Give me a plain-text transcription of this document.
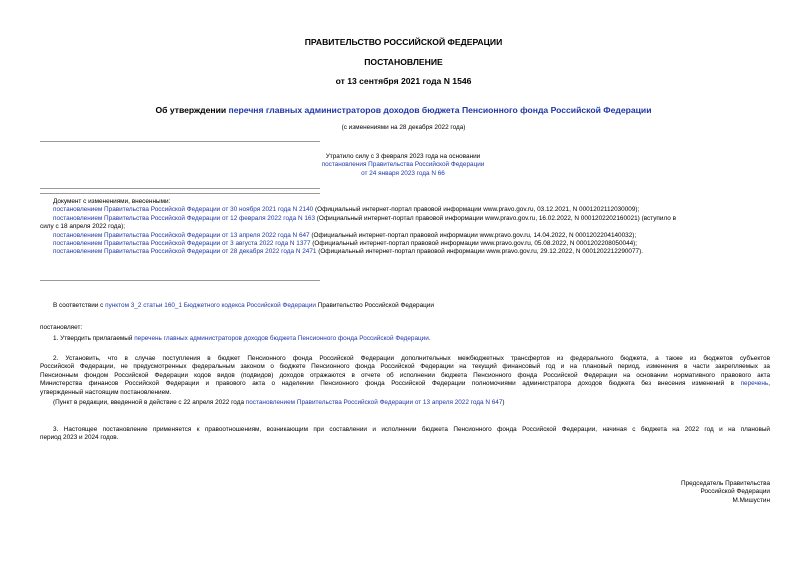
ПРАВИТЕЛЬСТВО РОССИЙСКОЙ ФЕДЕРАЦИИ
ПОСТАНОВЛЕНИЕ
от 13 сентября 2021 года N 1546
Об утверждении перечня главных администраторов доходов бюджета Пенсионного фонда Российской Федерации
(с изменениями на 28 декабря 2022 года)
Утратило силу с 3 февраля 2023 года на основании
постановления Правительства Российской Федерации
от 24 января 2023 года N 66
Документ с изменениями, внесенными:
постановлением Правительства Российской Федерации от 30 ноября 2021 года N 2140 (Официальный интернет-портал правовой информации www.pravo.gov.ru, 03.12.2021, N 0001202112030009);
постановлением Правительства Российской Федерации от 12 февраля 2022 года N 163 (Официальный интернет-портал правовой информации www.pravo.gov.ru, 16.02.2022, N 0001202202160021) (вступило в
силу с 18 апреля 2022 года);
постановлением Правительства Российской Федерации от 13 апреля 2022 года N 647 (Официальный интернет-портал правовой информации www.pravo.gov.ru, 14.04.2022, N 0001202204140032);
постановлением Правительства Российской Федерации от 3 августа 2022 года N 1377 (Официальный интернет-портал правовой информации www.pravo.gov.ru, 05.08.2022, N 0001202208050044);
постановлением Правительства Российской Федерации от 28 декабря 2022 года N 2471 (Официальный интернет-портал правовой информации www.pravo.gov.ru, 29.12.2022, N 0001202212290077).
В соответствии с пунктом 3_2 статьи 160_1 Бюджетного кодекса Российской Федерации Правительство Российской Федерации
постановляет:
1. Утвердить прилагаемый перечень главных администраторов доходов бюджета Пенсионного фонда Российской Федерации.
2. Установить, что в случае поступления в бюджет Пенсионного фонда Российской Федерации дополнительных межбюджетных трансфертов из федерального бюджета, а также из бюджетов субъектов
Российской Федерации, не предусмотренных федеральным законом о бюджете Пенсионного фонда Российской Федерации на текущий финансовый год и на плановый период, изменения в части закрепляемых за
Пенсионным фондом Российской Федерации кодов видов (подвидов) доходов отражаются в отчете об исполнении бюджета Пенсионного фонда Российской Федерации на основании нормативного правового акта
Министерства финансов Российской Федерации и правового акта о наделении Пенсионного фонда Российской Федерации полномочиями администратора доходов бюджета без внесения изменений в перечень,
утвержденный настоящим постановлением.
(Пункт в редакции, введенной в действие с 22 апреля 2022 года постановлением Правительства Российской Федерации от 13 апреля 2022 года N 647)
3. Настоящее постановление применяется к правоотношениям, возникающим при составлении и исполнении бюджета Пенсионного фонда Российской Федерации, начиная с бюджета на 2022 год и на плановый
период 2023 и 2024 годов.
Председатель Правительства
Российской Федерации
М.Мишустин
